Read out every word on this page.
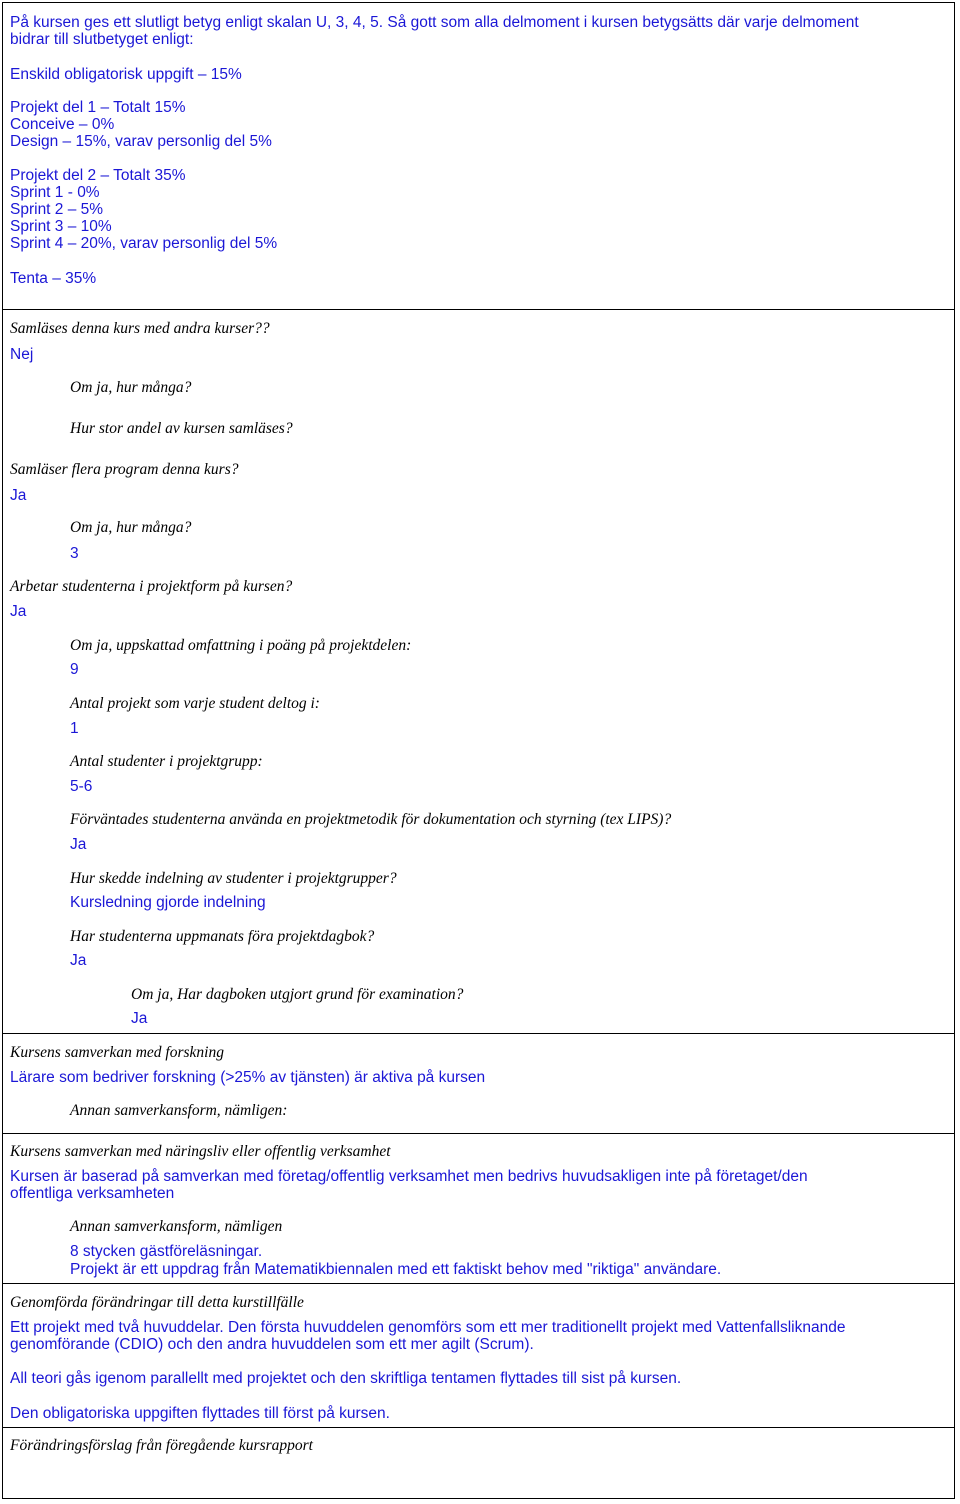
På kursen ges ett slutligt betyg enligt skalan U, 3, 4, 5. Så gott som alla delmoment i kursen betygsätts där varje delmoment
bidrar till slutbetyget enligt:
Enskild obligatorisk uppgift – 15%
Projekt del 1 – Totalt 15%
Conceive – 0%
Design – 15%, varav personlig del 5%
Projekt del 2 – Totalt 35%
Sprint 1 - 0%
Sprint 2 – 5%
Sprint 3 – 10%
Sprint 4 – 20%, varav personlig del 5%
Tenta – 35%
Samläses denna kurs med andra kurser??
Nej
Om ja, hur många?
Hur stor andel av kursen samläses?
Samläser flera program denna kurs?
Ja
Om ja, hur många?
3
Arbetar studenterna i projektform på kursen?
Ja
Om ja, uppskattad omfattning i poäng på projektdelen:
9
Antal projekt som varje student deltog i:
1
Antal studenter i projektgrupp:
5-6
Förväntades studenterna använda en projektmetodik för dokumentation och styrning (tex LIPS)?
Ja
Hur skedde indelning av studenter i projektgrupper?
Kursledning gjorde indelning
Har studenterna uppmanats föra projektdagbok?
Ja
Om ja, Har dagboken utgjort grund för examination?
Ja
Kursens samverkan med forskning
Lärare som bedriver forskning (>25% av tjänsten) är aktiva på kursen
Annan samverkansform, nämligen:
Kursens samverkan med näringsliv eller offentlig verksamhet
Kursen är baserad på samverkan med företag/offentlig verksamhet men bedrivs huvudsakligen inte på företaget/den
offentliga verksamheten
Annan samverkansform, nämligen
8 stycken gästföreläsningar.
Projekt är ett uppdrag från Matematikbiennalen med ett faktiskt behov med "riktiga" användare.
Genomförda förändringar till detta kurstillfälle
Ett projekt med två huvuddelar. Den första huvuddelen genomförs som ett mer traditionellt projekt med Vattenfallsliknande
genomförande (CDIO) och den andra huvuddelen som ett mer agilt (Scrum).
All teori gås igenom parallellt med projektet och den skriftliga tentamen flyttades till sist på kursen.
Den obligatoriska uppgiften flyttades till först på kursen.
Förändringsförslag från föregående kursrapport
